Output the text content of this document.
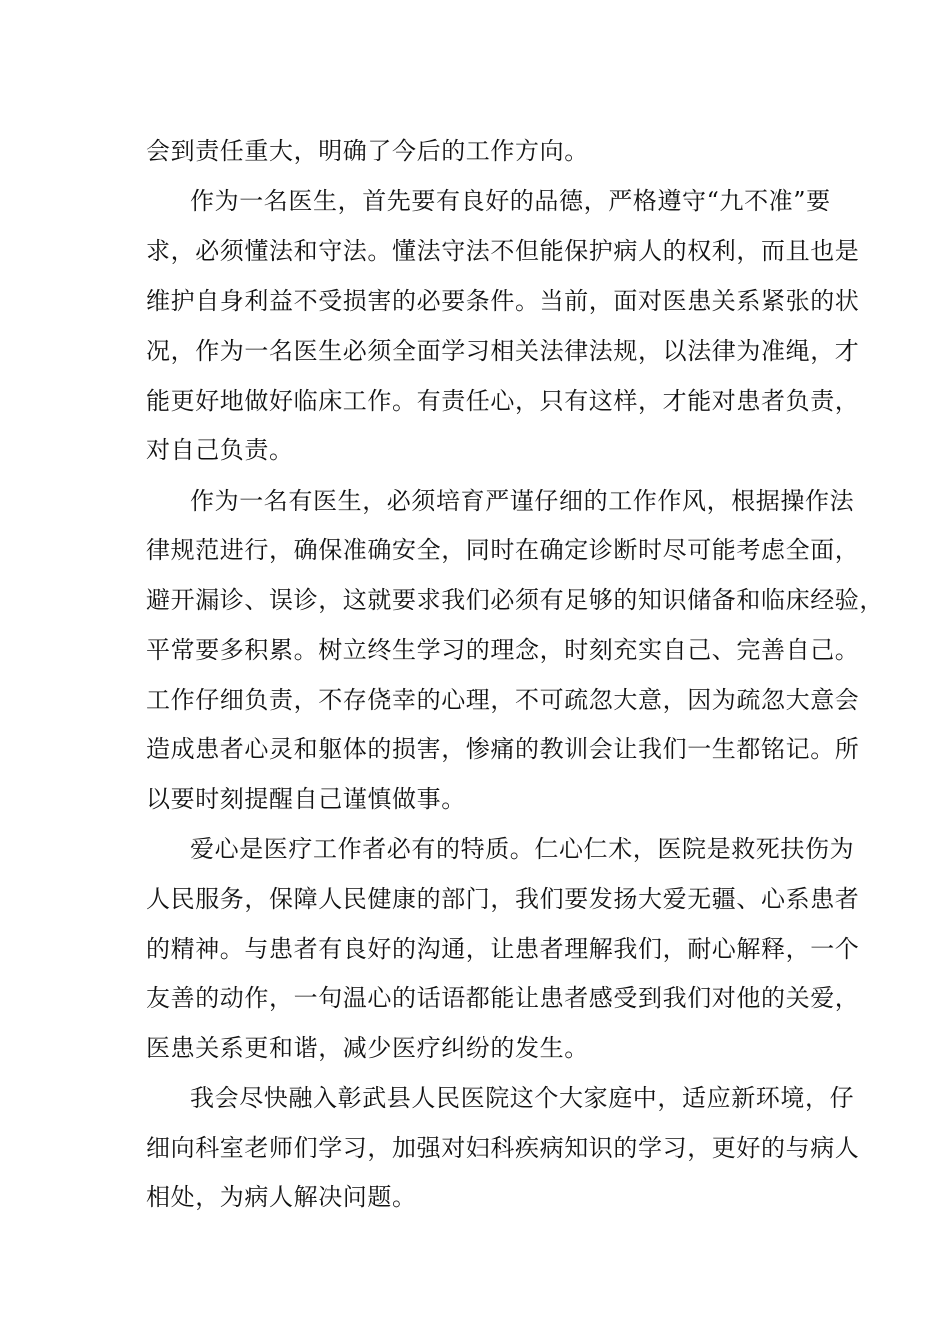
会到责任重大，明确了今后的工作方向。
作为一名医生，首先要有良好的品德，严格遵守“九不准”要
求，必须懂法和守法。懂法守法不但能保护病人的权利，而且也是
维护自身利益不受损害的必要条件。当前，面对医患关系紧张的状
况，作为一名医生必须全面学习相关法律法规，以法律为准绳，才
能更好地做好临床工作。有责任心，只有这样，才能对患者负责，
对自己负责。
作为一名有医生，必须培育严谨仔细的工作作风，根据操作法
律规范进行，确保准确安全，同时在确定诊断时尽可能考虑全面，
避开漏诊、误诊，这就要求我们必须有足够的知识储备和临床经验，
平常要多积累。树立终生学习的理念，时刻充实自己、完善自己。
工作仔细负责，不存侥幸的心理，不可疏忽大意，因为疏忽大意会
造成患者心灵和躯体的损害，惨痛的教训会让我们一生都铭记。所
以要时刻提醒自己谨慎做事。
爱心是医疗工作者必有的特质。仁心仁术，医院是救死扶伤为
人民服务，保障人民健康的部门，我们要发扬大爱无疆、心系患者
的精神。与患者有良好的沟通，让患者理解我们，耐心解释，一个
友善的动作，一句温心的话语都能让患者感受到我们对他的关爱，
医患关系更和谐，减少医疗纠纷的发生。
我会尽快融入彰武县人民医院这个大家庭中，适应新环境，仔
细向科室老师们学习，加强对妇科疾病知识的学习，更好的与病人
相处，为病人解决问题。
